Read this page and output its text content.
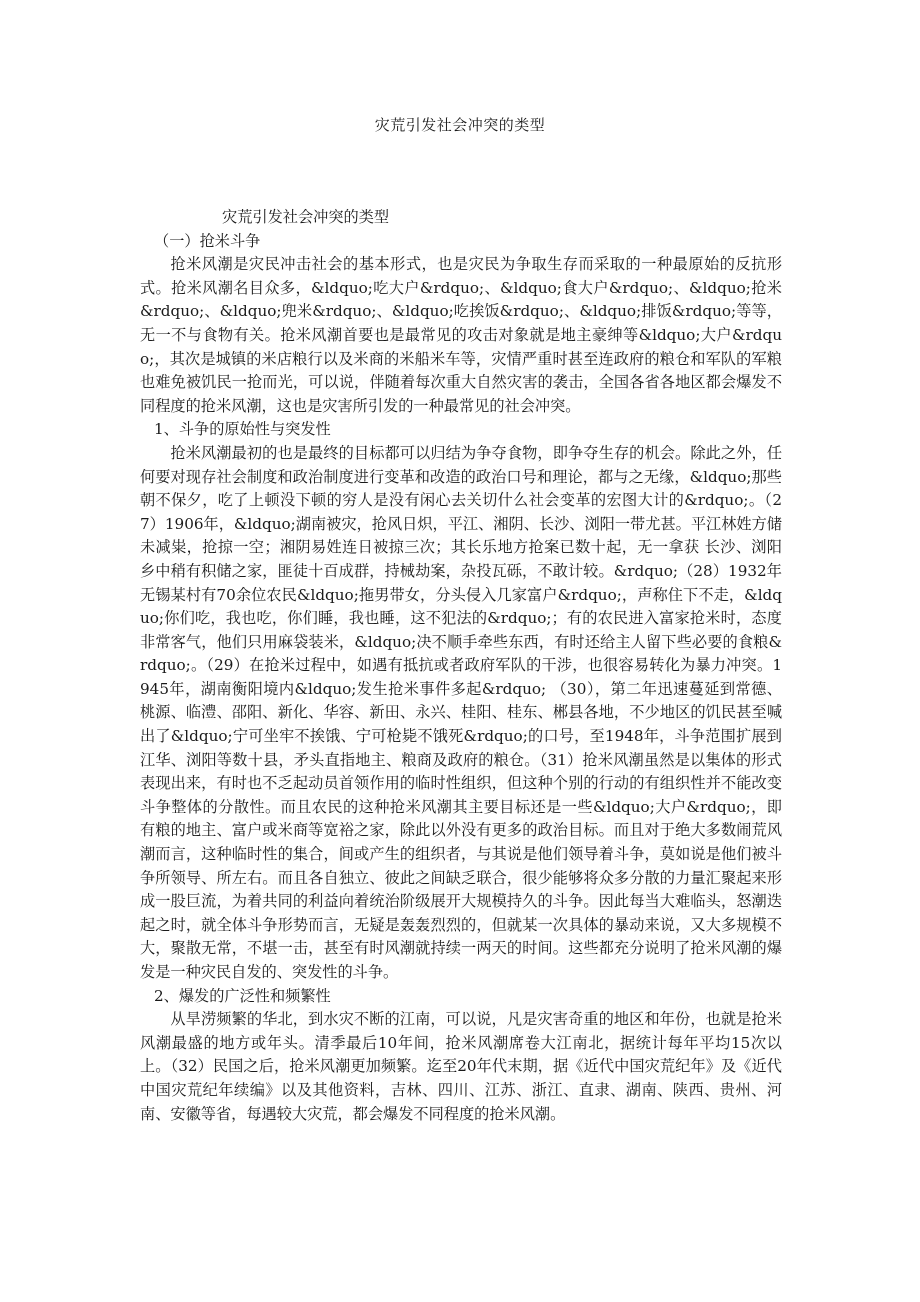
灾荒引发社会冲突的类型
灾荒引发社会冲突的类型
（一）抢米斗争

抢米风潮是灾民冲击社会的基本形式，也是灾民为争取生存而采取的一种最原始的反抗形式。抢米风潮名目众多，&ldquo;吃大户&rdquo;、&ldquo;食大户&rdquo;、&ldquo;抢米&rdquo;、&ldquo;兜米&rdquo;、&ldquo;吃挨饭&rdquo;、&ldquo;排饭&rdquo;等等，无一不与食物有关。抢米风潮首要也是最常见的攻击对象就是地主豪绅等&ldquo;大户&rdquo;，其次是城镇的米店粮行以及米商的米船米车等，灾情严重时甚至连政府的粮仓和军队的军粮也难免被饥民一抢而光，可以说，伴随着每次重大自然灾害的袭击，全国各省各地区都会爆发不同程度的抢米风潮，这也是灾害所引发的一种最常见的社会冲突。

1、斗争的原始性与突发性

抢米风潮最初的也是最终的目标都可以归结为争夺食物，即争夺生存的机会。除此之外，任何要对现存社会制度和政治制度进行变革和改造的政治口号和理论，都与之无缘，&ldquo;那些朝不保夕，吃了上顿没下顿的穷人是没有闲心去关切什么社会变革的宏图大计的&rdquo;。（27）1906年，&ldquo;湖南被灾，抢风日炽，平江、湘阴、长沙、浏阳一带尤甚。平江林姓方储未减粜，抢掠一空；湘阴易姓连日被掠三次；其长乐地方抢案已数十起，无一拿获 长沙、浏阳乡中稍有积储之家，匪徒十百成群，持械劫案，杂投瓦砾，不敢计较。&rdquo;（28）1932年无锡某村有70余位农民&ldquo;拖男带女，分头侵入几家富户&rdquo;，声称住下不走，&ldquo;你们吃，我也吃，你们睡，我也睡，这不犯法的&rdquo;；有的农民进入富家抢米时，态度非常客气，他们只用麻袋装米，&ldquo;决不顺手牵些东西，有时还给主人留下些必要的食粮&rdquo;。（29）在抢米过程中，如遇有抵抗或者政府军队的干涉，也很容易转化为暴力冲突。1945年，湖南衡阳境内&ldquo;发生抢米事件多起&rdquo; （30），第二年迅速蔓延到常德、桃源、临澧、邵阳、新化、华容、新田、永兴、桂阳、桂东、郴县各地，不少地区的饥民甚至喊出了&ldquo;宁可坐牢不挨饿、宁可枪毙不饿死&rdquo;的口号，至1948年，斗争范围扩展到江华、浏阳等数十县，矛头直指地主、粮商及政府的粮仓。（31）抢米风潮虽然是以集体的形式表现出来，有时也不乏起动员首领作用的临时性组织，但这种个别的行动的有组织性并不能改变斗争整体的分散性。而且农民的这种抢米风潮其主要目标还是一些&ldquo;大户&rdquo;，即有粮的地主、富户或米商等宽裕之家，除此以外没有更多的政治目标。而且对于绝大多数闹荒风潮而言，这种临时性的集合，间或产生的组织者，与其说是他们领导着斗争，莫如说是他们被斗争所领导、所左右。而且各自独立、彼此之间缺乏联合，很少能够将众多分散的力量汇聚起来形成一股巨流，为着共同的利益向着统治阶级展开大规模持久的斗争。因此每当大难临头，怒潮迭起之时，就全体斗争形势而言，无疑是轰轰烈烈的，但就某一次具体的暴动来说，又大多规模不大，聚散无常，不堪一击，甚至有时风潮就持续一两天的时间。这些都充分说明了抢米风潮的爆发是一种灾民自发的、突发性的斗争。

2、爆发的广泛性和频繁性

从旱涝频繁的华北，到水灾不断的江南，可以说，凡是灾害奇重的地区和年份，也就是抢米风潮最盛的地方或年头。清季最后10年间，抢米风潮席卷大江南北，据统计每年平均15次以上。（32）民国之后，抢米风潮更加频繁。迄至20年代末期，据《近代中国灾荒纪年》及《近代中国灾荒纪年续编》以及其他资料，吉林、四川、江苏、浙江、直隶、湖南、陕西、贵州、河南、安徽等省，每遇较大灾荒，都会爆发不同程度的抢米风潮。
